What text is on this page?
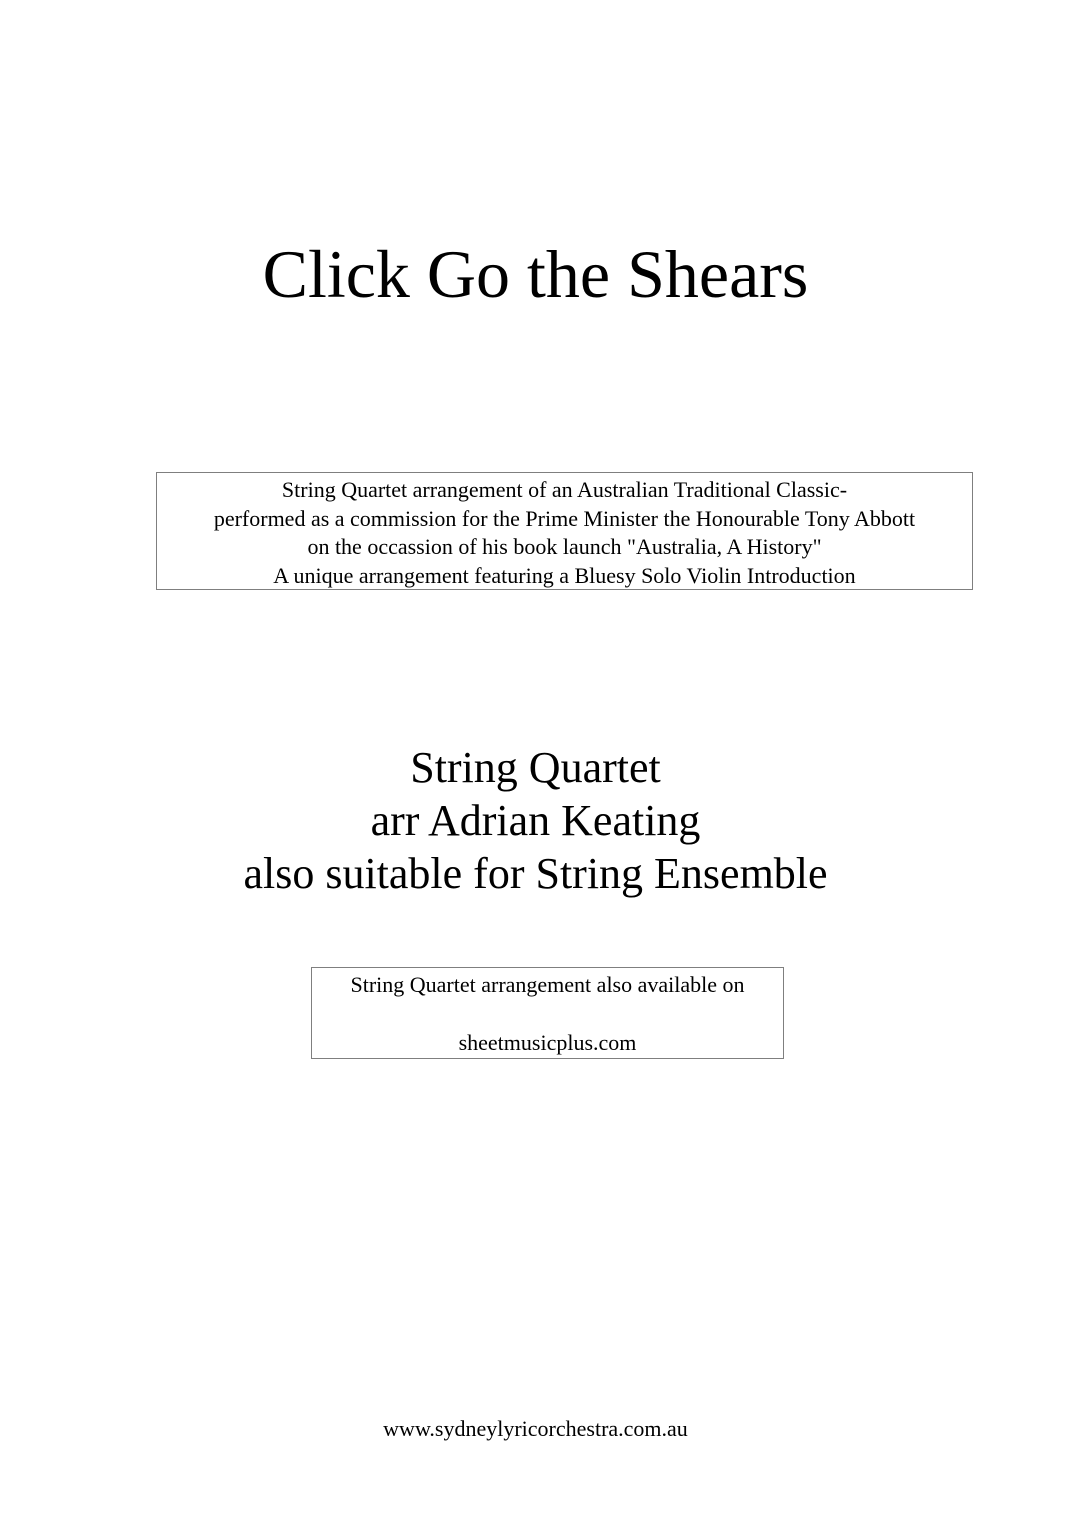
Click Go the Shears
String Quartet arrangement of an Australian Traditional Classic-
performed as a commission for the Prime Minister the Honourable Tony Abbott
on the occassion of his book launch "Australia, A History"
A unique arrangement featuring a Bluesy Solo Violin Introduction
String Quartet
arr Adrian Keating
also suitable for String Ensemble
String Quartet arrangement also available on
sheetmusicplus.com
www.sydneylyricorchestra.com.au
